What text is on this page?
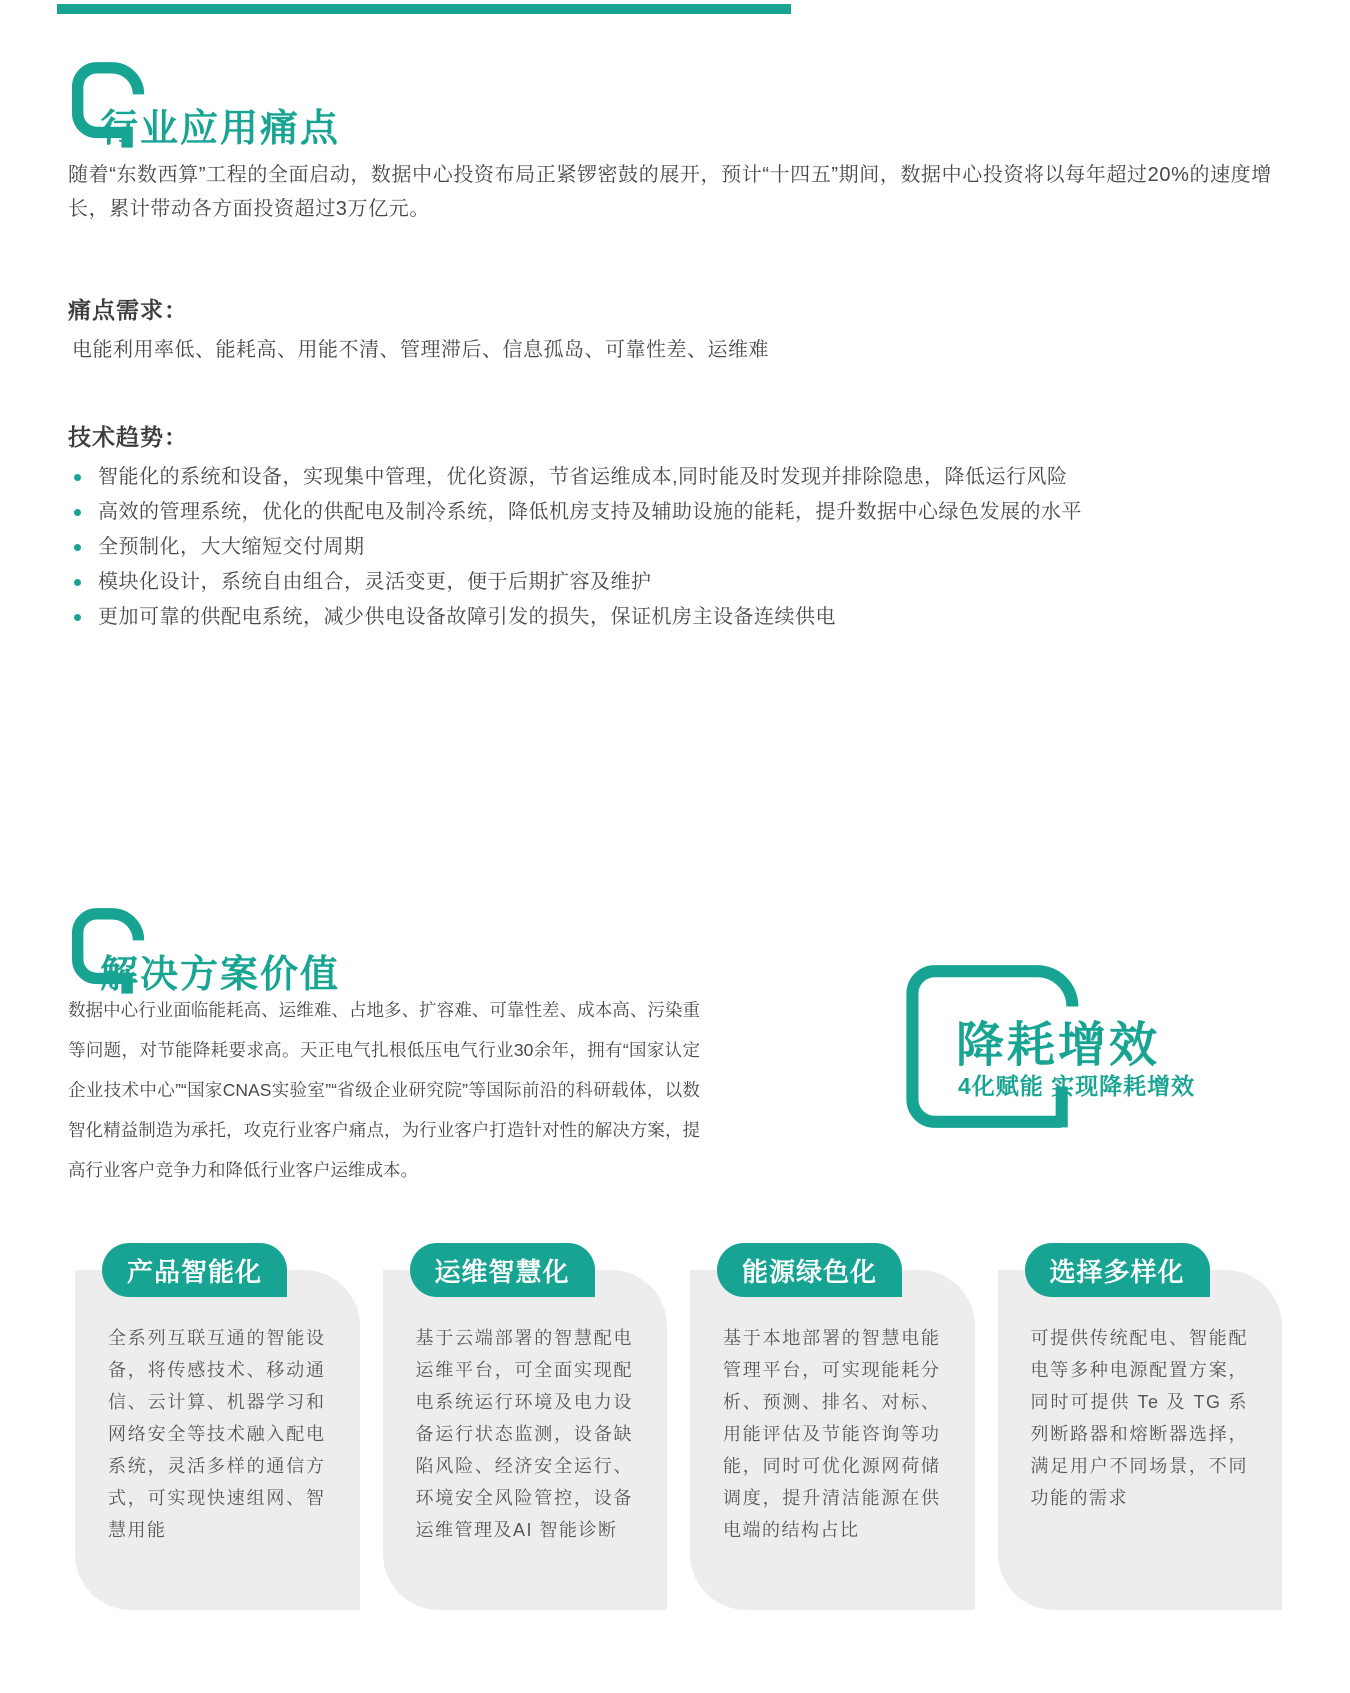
行业应用痛点

随着“东数西算”工程的全面启动，数据中心投资布局正紧锣密鼓的展开，预计“十四五”期间，数据中心投资将以每年超过20%的速度增长，累计带动各方面投资超过3万亿元。

痛点需求：

电能利用率低、能耗高、用能不清、管理滞后、信息孤岛、可靠性差、运维难

技术趋势：
智能化的系统和设备，实现集中管理，优化资源，节省运维成本,同时能及时发现并排除隐患，降低运行风险
高效的管理系统，优化的供配电及制冷系统，降低机房支持及辅助设施的能耗，提升数据中心绿色发展的水平
全预制化，大大缩短交付周期
模块化设计，系统自由组合，灵活变更，便于后期扩容及维护
更加可靠的供配电系统，减少供电设备故障引发的损失，保证机房主设备连续供电
解决方案价值

数据中心行业面临能耗高、运维难、占地多、扩容难、可靠性差、成本高、污染重等问题，对节能降耗要求高。天正电气扎根低压电气行业30余年，拥有“国家认定企业技术中心”“国家CNAS实验室”“省级企业研究院”等国际前沿的科研载体，以数智化精益制造为承托，攻克行业客户痛点，为行业客户打造针对性的解决方案，提高行业客户竞争力和降低行业客户运维成本。

降耗增效
4化赋能 实现降耗增效
产品智能化
全系列互联互通的智能设备，将传感技术、移动通信、云计算、机器学习和网络安全等技术融入配电系统，灵活多样的通信方式，可实现快速组网、智慧用能
运维智慧化
基于云端部署的智慧配电运维平台，可全面实现配电系统运行环境及电力设备运行状态监测，设备缺陷风险、经济安全运行、环境安全风险管控，设备运维管理及AI 智能诊断
能源绿色化
基于本地部署的智慧电能管理平台，可实现能耗分析、预测、排名、对标、用能评估及节能咨询等功能，同时可优化源网荷储调度，提升清洁能源在供电端的结构占比
选择多样化
可提供传统配电、智能配电等多种电源配置方案，同时可提供 Te 及 TG 系列断路器和熔断器选择，满足用户不同场景，不同功能的需求
